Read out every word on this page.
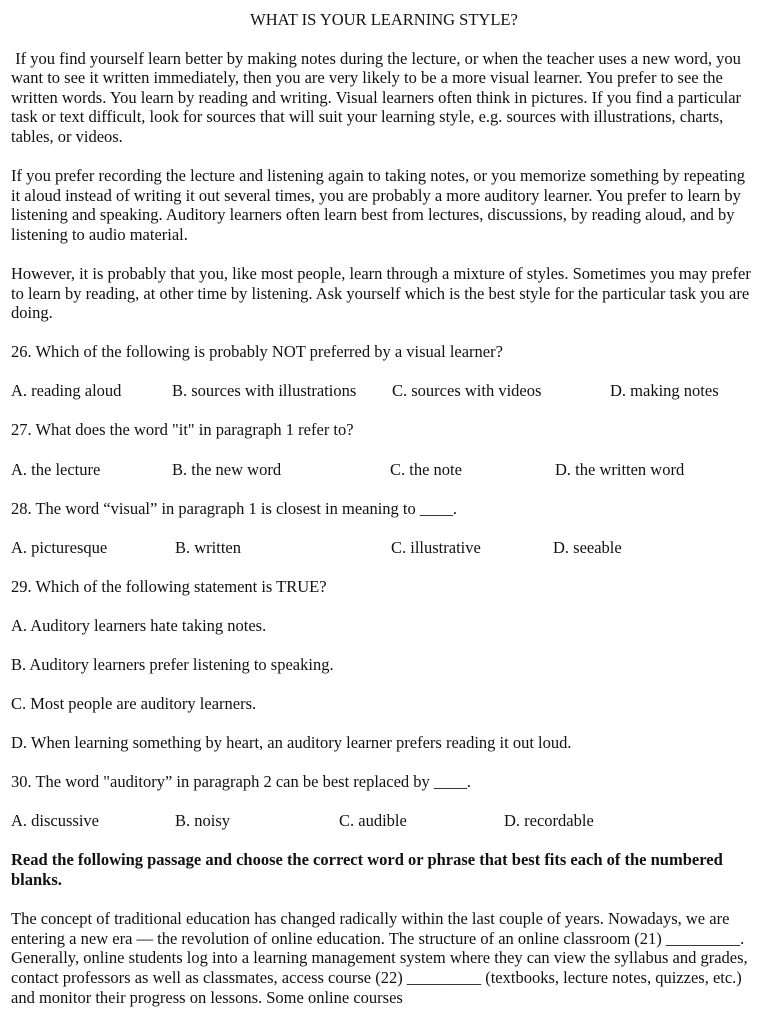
WHAT IS YOUR LEARNING STYLE?

If you find yourself learn better by making notes during the lecture, or when the teacher uses a new word, you want to see it written immediately, then you are very likely to be a more visual learner. You prefer to see the written words. You learn by reading and writing. Visual learners often think in pictures. If you find a particular task or text difficult, look for sources that will suit your learning style, e.g. sources with illustrations, charts, tables, or videos.

If you prefer recording the lecture and listening again to taking notes, or you memorize something by repeating it aloud instead of writing it out several times, you are probably a more auditory learner. You prefer to learn by listening and speaking. Auditory learners often learn best from lectures, discussions, by reading aloud, and by listening to audio material.

However, it is probably that you, like most people, learn through a mixture of styles. Sometimes you may prefer to learn by reading, at other time by listening. Ask yourself which is the best style for the particular task you are doing.

26. Which of the following is probably NOT preferred by a visual learner?
A. reading aloud	B. sources with illustrations C. sources with videos	D. making notes
27. What does the word "it" in paragraph 1 refer to?
A. the lecture	B. the new word	C. the note	D. the written word
28. The word “visual” in paragraph 1 is closest in meaning to ____.
A. picturesque	B. written	C. illustrative	D. seeable
29. Which of the following statement is TRUE?
A. Auditory learners hate taking notes.
B. Auditory learners prefer listening to speaking.
C. Most people are auditory learners.
D. When learning something by heart, an auditory learner prefers reading it out loud.
30. The word "auditory” in paragraph 2 can be best replaced by ____.
A. discussive	B. noisy	C. audible	D. recordable

Read the following passage and choose the correct word or phrase that best fits each of the numbered blanks.

The concept of traditional education has changed radically within the last couple of years. Nowadays, we are entering a new era — the revolution of online education. The structure of an online classroom (21) _________. Generally, online students log into a learning management system where they can view the syllabus and grades, contact professors as well as classmates, access course (22) _________ (textbooks, lecture notes, quizzes, etc.) and monitor their progress on lessons. Some online courses
